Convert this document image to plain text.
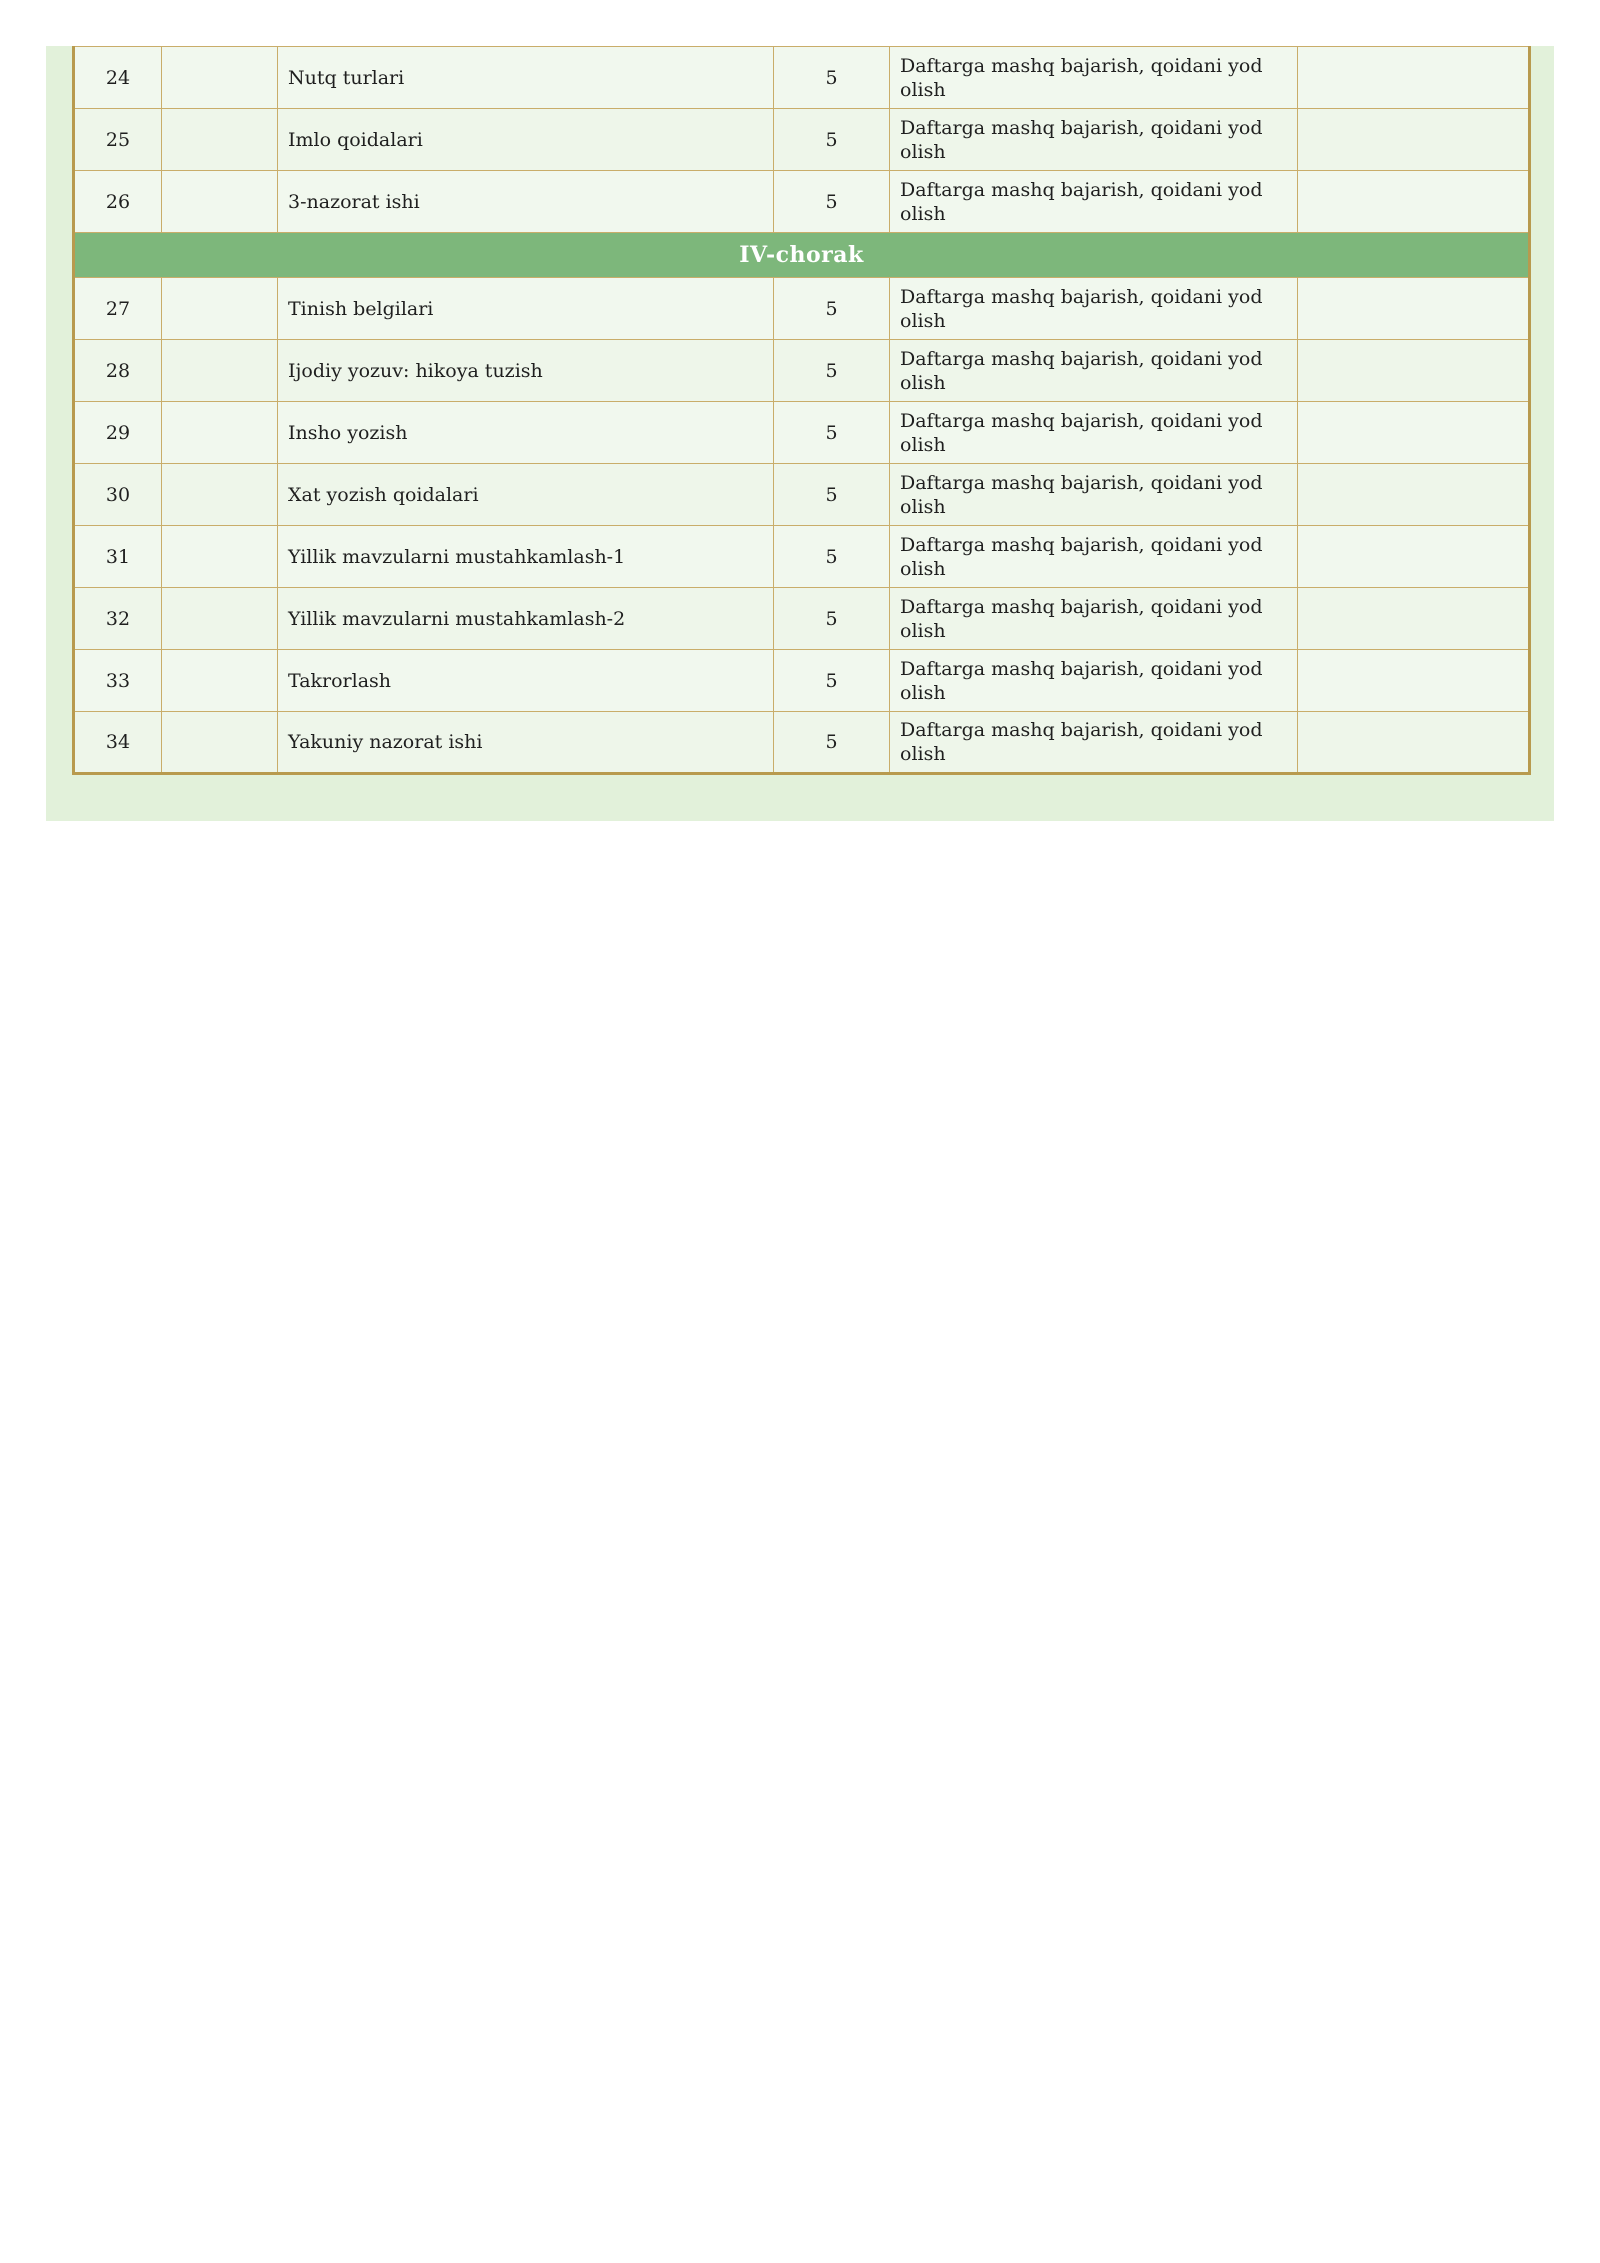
24		Nutq turlari	5	Daftarga mashq bajarish, qoidani yod olish	
25		Imlo qoidalari	5	Daftarga mashq bajarish, qoidani yod olish	
26		3-nazorat ishi	5	Daftarga mashq bajarish, qoidani yod olish	
IV-chorak					
27		Tinish belgilari	5	Daftarga mashq bajarish, qoidani yod olish	
28		Ijodiy yozuv: hikoya tuzish	5	Daftarga mashq bajarish, qoidani yod olish	
29		Insho yozish	5	Daftarga mashq bajarish, qoidani yod olish	
30		Xat yozish qoidalari	5	Daftarga mashq bajarish, qoidani yod olish	
31		Yillik mavzularni mustahkamlash-1	5	Daftarga mashq bajarish, qoidani yod olish	
32		Yillik mavzularni mustahkamlash-2	5	Daftarga mashq bajarish, qoidani yod olish	
33		Takrorlash	5	Daftarga mashq bajarish, qoidani yod olish	
34		Yakuniy nazorat ishi	5	Daftarga mashq bajarish, qoidani yod olish	
